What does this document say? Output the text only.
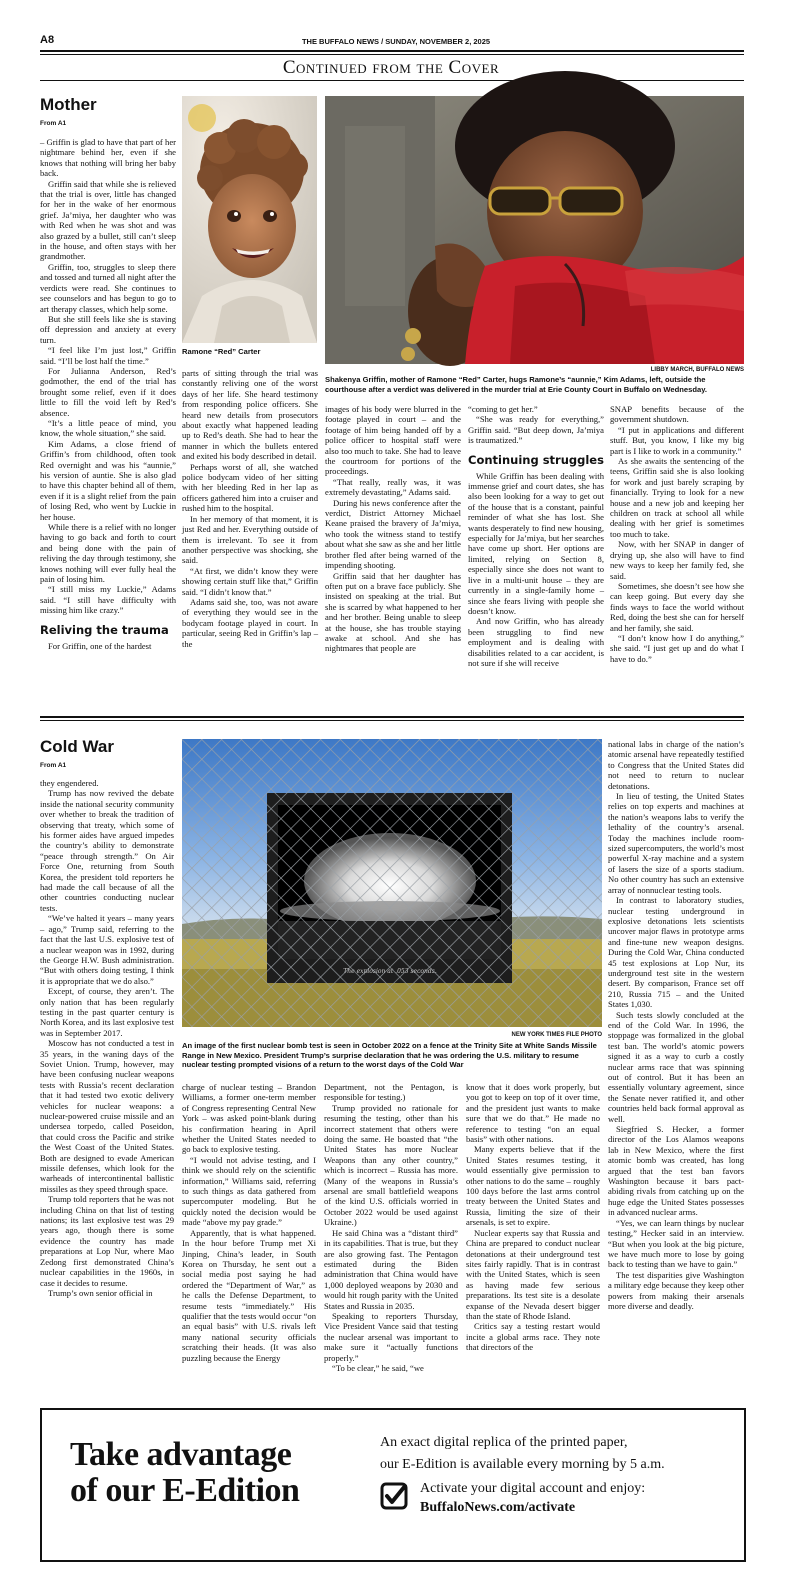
A8	THE BUFFALO NEWS / SUNDAY, NOVEMBER 2, 2025
Continued from the Cover
Mother
From A1

– Griffin is glad to have that part of her nightmare behind her, even if she knows that nothing will bring her baby back.

Griffin said that while she is relieved that the trial is over, little has changed for her in the wake of her enormous grief. Ja’miya, her daughter who was with Red when he was shot and was also grazed by a bullet, still can’t sleep in the house, and often stays with her grandmother.

Griffin, too, struggles to sleep there and tossed and turned all night after the verdicts were read. She continues to see counselors and has begun to go to art therapy classes, which help some.

But she still feels like she is staving off depression and anxiety at every turn.

“I feel like I’m just lost,” Griffin said. “I’ll be lost half the time.”

For Julianna Anderson, Red’s godmother, the end of the trial has brought some relief, even if it does little to fill the void left by Red’s absence.

“It’s a little peace of mind, you know, the whole situation,” she said.

Kim Adams, a close friend of Griffin’s from childhood, often took Red overnight and was his “aunnie,” his version of auntie. She is also glad to have this chapter behind all of them, even if it is a slight relief from the pain of losing Red, who went by Luckie in her house.

While there is a relief with no longer having to go back and forth to court and being done with the pain of reliving the day through testimony, she knows nothing will ever fully heal the pain of losing him.

“I still miss my Luckie,” Adams said. “I still have difficulty with missing him like crazy.”

Reliving the trauma

For Griffin, one of the hardest

Ramone “Red” Carter
LIBBY MARCH, BUFFALO NEWS
Shakenya Griffin, mother of Ramone “Red” Carter, hugs Ramone’s “aunnie,” Kim Adams, left, outside the courthouse after a verdict was delivered in the murder trial at Erie County Court in Buffalo on Wednesday.

parts of sitting through the trial was constantly reliving one of the worst days of her life. She heard testimony from responding police officers. She heard new details from prosecutors about exactly what happened leading up to Red’s death. She had to hear the manner in which the bullets entered and exited his body described in detail.

Perhaps worst of all, she watched police bodycam video of her sitting with her bleeding Red in her lap as officers gathered him into a cruiser and rushed him to the hospital.

In her memory of that moment, it is just Red and her. Everything outside of them is irrelevant. To see it from another perspective was shocking, she said.

“At first, we didn’t know they were showing certain stuff like that,” Griffin said. “I didn’t know that.”

Adams said she, too, was not aware of everything they would see in the bodycam footage played in court. In particular, seeing Red in Griffin’s lap – the

images of his body were blurred in the footage played in court – and the footage of him being handed off by a police officer to hospital staff were also too much to take. She had to leave the courtroom for portions of the proceedings.

“That really, really was, it was extremely devastating,” Adams said.

During his news conference after the verdict, District Attorney Michael Keane praised the bravery of Ja’miya, who took the witness stand to testify about what she saw as she and her little brother fled after being warned of the impending shooting.

Griffin said that her daughter has often put on a brave face publicly. She insisted on speaking at the trial. But she is scarred by what happened to her and her brother. Being unable to sleep at the house, she has trouble staying awake at school. And she has nightmares that people are

“coming to get her.”

“She was ready for everything,” Griffin said. “But deep down, Ja’miya is traumatized.”

Continuing struggles

While Griffin has been dealing with immense grief and court dates, she has also been looking for a way to get out of the house that is a constant, painful reminder of what she has lost. She wants desperately to find new housing, especially for Ja’miya, but her searches have come up short. Her options are limited, relying on Section 8, especially since she does not want to live in a multi-unit house – they are currently in a single-family home – since she fears living with people she doesn’t know.

And now Griffin, who has already been struggling to find new employment and is dealing with disabilities related to a car accident, is not sure if she will receive

SNAP benefits because of the government shutdown.

“I put in applications and different stuff. But, you know, I like my big part is I like to work in a community.”

As she awaits the sentencing of the teens, Griffin said she is also looking for work and just barely scraping by financially. Trying to look for a new house and a new job and keeping her children on track at school all while dealing with her grief is sometimes too much to take.

Now, with her SNAP in danger of drying up, she also will have to find new ways to keep her family fed, she said.

Sometimes, she doesn’t see how she can keep going. But every day she finds ways to face the world without Red, doing the best she can for herself and her family, she said.

“I don’t know how I do anything,” she said. “I just get up and do what I have to do.”

Cold War
From A1

they engendered.

Trump has now revived the debate inside the national security community over whether to break the tradition of observing that treaty, which some of his former aides have argued impedes the country’s ability to demonstrate “peace through strength.” On Air Force One, returning from South Korea, the president told reporters he had made the call because of all the other countries conducting nuclear tests.

“We’ve halted it years – many years – ago,” Trump said, referring to the fact that the last U.S. explosive test of a nuclear weapon was in 1992, during the George H.W. Bush administration. “But with others doing testing, I think it is appropriate that we do also.”

Except, of course, they aren’t. The only nation that has been regularly testing in the past quarter century is North Korea, and its last explosive test was in September 2017.

Moscow has not conducted a test in 35 years, in the waning days of the Soviet Union. Trump, however, may have been confusing nuclear weapons tests with Russia’s recent declaration that it had tested two exotic delivery vehicles for nuclear weapons: a nuclear-powered cruise missile and an undersea torpedo, called Poseidon, that could cross the Pacific and strike the West Coast of the United States. Both are designed to evade American missile defenses, which look for the warheads of intercontinental ballistic missiles as they speed through space.

Trump told reporters that he was not including China on that list of testing nations; its last explosive test was 29 years ago, though there is some evidence the country has made preparations at Lop Nur, where Mao Zedong first demonstrated China’s nuclear capabilities in the 1960s, in case it decides to resume.

Trump’s own senior official in

NEW YORK TIMES FILE PHOTO
An image of the first nuclear bomb test is seen in October 2022 on a fence at the Trinity Site at White Sands Missile Range in New Mexico. President Trump’s surprise declaration that he was ordering the U.S. military to resume nuclear testing prompted visions of a return to the worst days of the Cold War

charge of nuclear testing – Brandon Williams, a former one-term member of Congress representing Central New York – was asked point-blank during his confirmation hearing in April whether the United States needed to go back to explosive testing.

“I would not advise testing, and I think we should rely on the scientific information,” Williams said, referring to such things as data gathered from supercomputer modeling. But he quickly noted the decision would be made “above my pay grade.”

Apparently, that is what happened. In the hour before Trump met Xi Jinping, China’s leader, in South Korea on Thursday, he sent out a social media post saying he had ordered the “Department of War,” as he calls the Defense Department, to resume tests “immediately.” His qualifier that the tests would occur “on an equal basis” with U.S. rivals left many national security officials scratching their heads. (It was also puzzling because the Energy

Department, not the Pentagon, is responsible for testing.)

Trump provided no rationale for resuming the testing, other than his incorrect statement that others were doing the same. He boasted that “the United States has more Nuclear Weapons than any other country,” which is incorrect – Russia has more. (Many of the weapons in Russia’s arsenal are small battlefield weapons of the kind U.S. officials worried in October 2022 would be used against Ukraine.)

He said China was a “distant third” in its capabilities. That is true, but they are also growing fast. The Pentagon estimated during the Biden administration that China would have 1,000 deployed weapons by 2030 and would hit rough parity with the United States and Russia in 2035.

Speaking to reporters Thursday, Vice President Vance said that testing the nuclear arsenal was important to make sure it “actually functions properly.”

“To be clear,” he said, “we

know that it does work properly, but you got to keep on top of it over time, and the president just wants to make sure that we do that.” He made no reference to testing “on an equal basis” with other nations.

Many experts believe that if the United States resumes testing, it would essentially give permission to other nations to do the same – roughly 100 days before the last arms control treaty between the United States and Russia, limiting the size of their arsenals, is set to expire.

Nuclear experts say that Russia and China are prepared to conduct nuclear detonations at their underground test sites fairly rapidly. That is in contrast with the United States, which is seen as having made few serious preparations. Its test site is a desolate expanse of the Nevada desert bigger than the state of Rhode Island.

Critics say a testing restart would incite a global arms race. They note that directors of the

national labs in charge of the nation’s atomic arsenal have repeatedly testified to Congress that the United States did not need to return to nuclear detonations.

In lieu of testing, the United States relies on top experts and machines at the nation’s weapons labs to verify the lethality of the country’s arsenal. Today the machines include room-sized supercomputers, the world’s most powerful X-ray machine and a system of lasers the size of a sports stadium. No other country has such an extensive array of nonnuclear testing tools.

In contrast to laboratory studies, nuclear testing underground in explosive detonations lets scientists uncover major flaws in prototype arms and fine-tune new weapon designs. During the Cold War, China conducted 45 test explosions at Lop Nur, its underground test site in the western desert. By comparison, France set off 210, Russia 715 – and the United States 1,030.

Such tests slowly concluded at the end of the Cold War. In 1996, the stoppage was formalized in the global test ban. The world’s atomic powers signed it as a way to curb a costly nuclear arms race that was spinning out of control. But it has been an essentially voluntary agreement, since the Senate never ratified it, and other countries held back formal approval as well.

Siegfried S. Hecker, a former director of the Los Alamos weapons lab in New Mexico, where the first atomic bomb was created, has long argued that the test ban favors Washington because it bars pact-abiding rivals from catching up on the huge edge the United States possesses in advanced nuclear arms.

“Yes, we can learn things by nuclear testing,” Hecker said in an interview. “But when you look at the big picture, we have much more to lose by going back to testing than we have to gain.”

The test disparities give Washington a military edge because they keep other powers from making their arsenals more diverse and deadly.

Take advantage
of our E-Edition
An exact digital replica of the printed paper,
our E-Edition is available every morning by 5 a.m.
Activate your digital account and enjoy:
BuffaloNews.com/activate
